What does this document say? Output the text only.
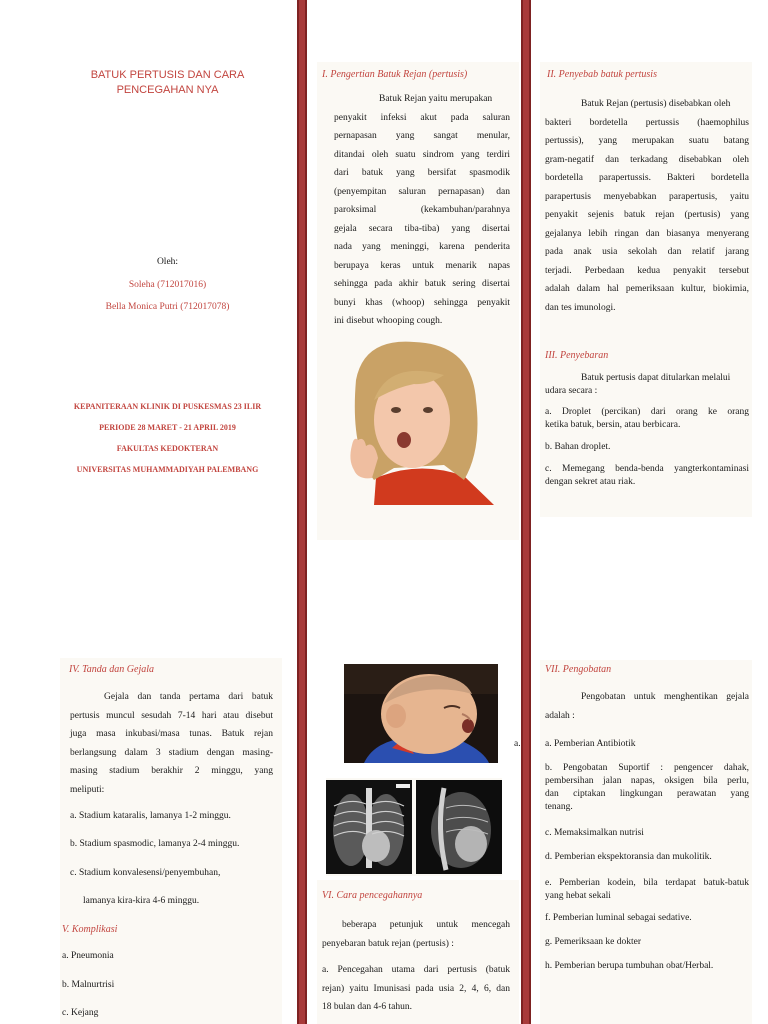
BATUK PERTUSIS DAN CARA
PENCEGAHAN NYA
Oleh:
Soleha (712017016)
Bella Monica Putri (712017078)
KEPANITERAAN KLINIK DI PUSKESMAS 23 ILIR
PERIODE 28 MARET - 21 APRIL 2019
FAKULTAS KEDOKTERAN
UNIVERSITAS MUHAMMADIYAH PALEMBANG
I. Pengertian Batuk Rejan (pertusis)
Batuk Rejan yaitu merupakan
penyakit infeksi akut pada saluran
pernapasan yang sangat menular,
ditandai oleh suatu sindrom yang terdiri
dari batuk yang bersifat spasmodik
(penyempitan saluran pernapasan) dan
paroksimal (kekambuhan/parahnya
gejala secara tiba-tiba) yang disertai
nada yang meninggi, karena penderita
berupaya keras untuk menarik napas
sehingga pada akhir batuk sering disertai
bunyi khas (whoop) sehingga penyakit
ini disebut whooping cough.
II. Penyebab batuk pertusis
Batuk Rejan (pertusis) disebabkan oleh
bakteri bordetella pertussis (haemophilus
pertussis), yang merupakan suatu batang
gram-negatif dan terkadang disebabkan oleh
bordetella parapertussis. Bakteri bordetella
parapertusis menyebabkan parapertusis, yaitu
penyakit sejenis batuk rejan (pertusis) yang
gejalanya lebih ringan dan biasanya menyerang
pada anak usia sekolah dan relatif jarang
terjadi. Perbedaan kedua penyakit tersebut
adalah dalam hal pemeriksaan kultur, biokimia,
dan tes imunologi.
III. Penyebaran
Batuk pertusis dapat ditularkan melalui
udara secara :
a. Droplet (percikan) dari orang ke orang
ketika batuk, bersin, atau berbicara.
b. Bahan droplet.
c. Memegang benda-benda yangterkontaminasi
dengan sekret atau riak.
IV. Tanda dan Gejala
Gejala dan tanda pertama dari batuk
pertusis muncul sesudah 7-14 hari atau disebut
juga masa inkubasi/masa tunas. Batuk rejan
berlangsung dalam 3 stadium dengan masing-
masing stadium berakhir 2 minggu, yang
meliputi:
a. Stadium kataralis, lamanya 1-2 minggu.
b. Stadium spasmodic, lamanya 2-4 minggu.
c. Stadium konvalesensi/penyembuhan,
lamanya kira-kira 4-6 minggu.
V. Komplikasi
a. Pneumonia
b. Malnurtrisi
c. Kejang
VI. Cara pencegahannya
beberapa petunjuk untuk mencegah
penyebaran batuk rejan (pertusis) :
a. Pencegahan utama dari pertusis (batuk
rejan) yaitu Imunisasi pada usia 2, 4, 6, dan
18 bulan dan 4-6 tahun.
VII. Pengobatan
Pengobatan untuk menghentikan gejala
adalah :
a.	a. Pemberian Antibiotik
b. Pengobatan Suportif : pengencer dahak,
pembersihan jalan napas, oksigen bila perlu,
dan ciptakan lingkungan perawatan yang
tenang.
c. Memaksimalkan nutrisi
d. Pemberian ekspektoransia dan mukolitik.
e. Pemberian kodein, bila terdapat batuk-batuk
yang hebat sekali
f. Pemberian luminal sebagai sedative.
g. Pemeriksaan ke dokter
h. Pemberian berupa tumbuhan obat/Herbal.
